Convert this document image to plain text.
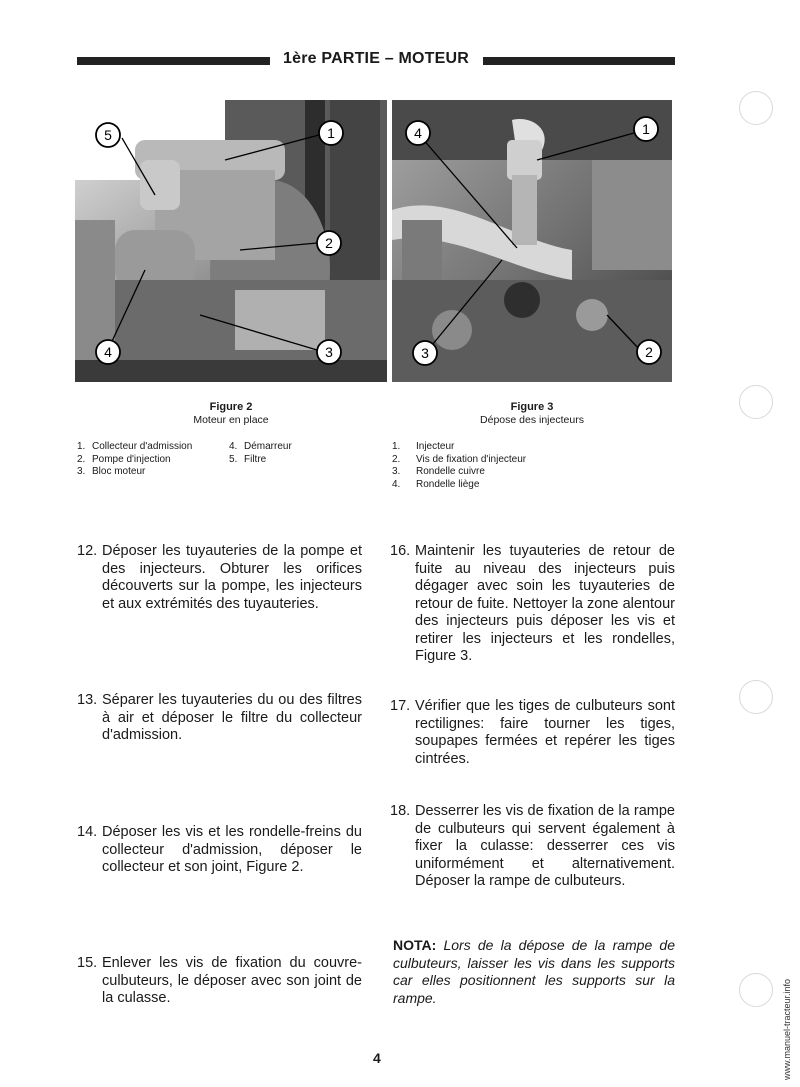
1ère PARTIE – MOTEUR
5	1
2
4	3
4	1
3	2
Figure 2
Moteur en place
Figure 3
Dépose des injecteurs
1. Collecteur d'admission
2. Pompe d'injection
3. Bloc moteur
4. Démarreur
5. Filtre
1.	Injecteur
2.	Vis de fixation d'injecteur
3.	Rondelle cuivre
4.	Rondelle liège
12. Déposer les tuyauteries de la pompe et des injecteurs. Obturer les orifices découverts sur la pompe, les injecteurs et aux extrémités des tuyauteries.
13. Séparer les tuyauteries du ou des filtres à air et déposer le filtre du collecteur d'admission.
14. Déposer les vis et les rondelle-freins du collecteur d'admission, déposer le collecteur et son joint, Figure 2.
15. Enlever les vis de fixation du couvre-culbuteurs, le déposer avec son joint de la culasse.
16. Maintenir les tuyauteries de retour de fuite au niveau des injecteurs puis dégager avec soin les tuyauteries de retour de fuite. Nettoyer la zone alentour des injecteurs puis déposer les vis et retirer les injecteurs et les rondelles, Figure 3.
17. Vérifier que les tiges de culbuteurs sont rectilignes: faire tourner les tiges, soupapes fermées et repérer les tiges cintrées.
18. Desserrer les vis de fixation de la rampe de culbuteurs qui servent également à fixer la culasse: desserrer ces vis uniformément et alternativement. Déposer la rampe de culbuteurs.
NOTA: Lors de la dépose de la rampe de culbuteurs, laisser les vis dans les supports car elles positionnent les supports sur la rampe.
4	www.manuel-tracteur.info
